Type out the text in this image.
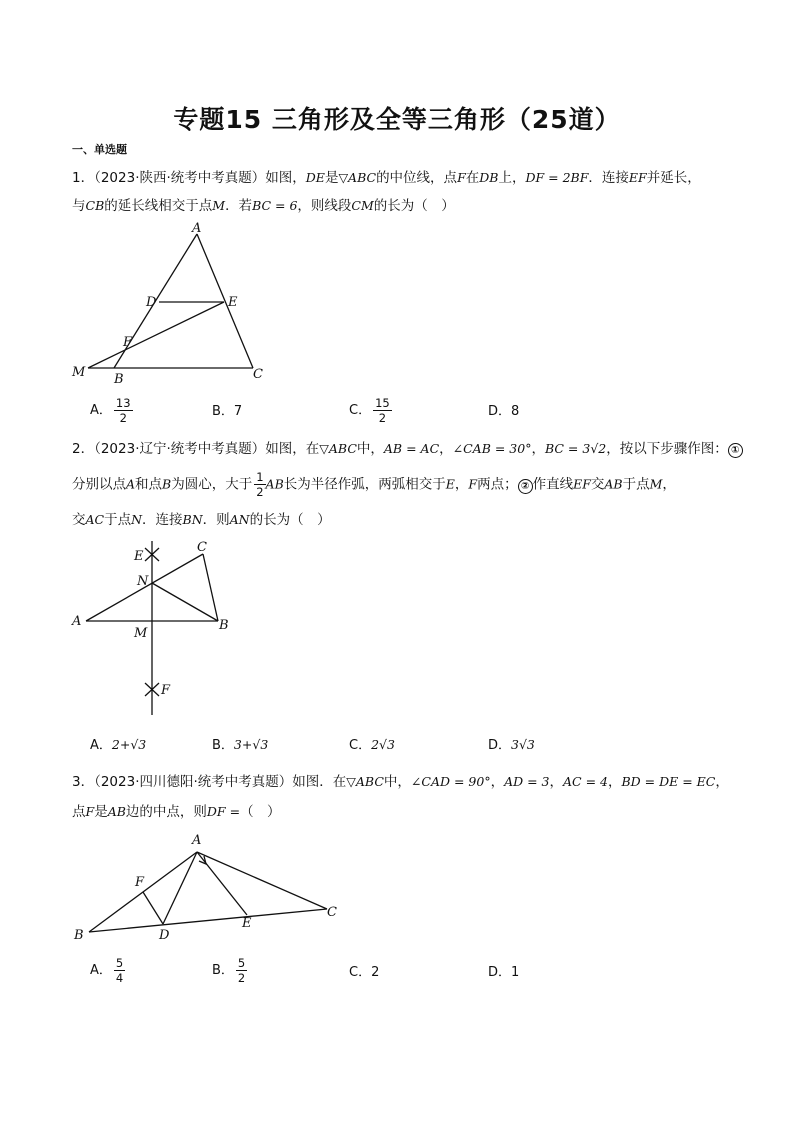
专题15 三角形及全等三角形（25道）
一、单选题
1．（2023·陕西·统考中考真题）如图，DE是▽ABC的中位线，点F在DB上，DF = 2BF．连接EF并延长，
与CB的延长线相交于点M．若BC = 6，则线段CM的长为（　）
A
D	E
F
M B	C
A． $\frac{13}{2}$	B．7	C． $\frac{15}{2}$	D．8
2．（2023·辽宁·统考中考真题）如图，在▽ABC中，AB = AC，∠CAB = 30°，BC = 3√2，按以下步骤作图： ①
分别以点A和点B为圆心，大于 $\frac{1}{2}$ AB长为半径作弧，两弧相交于E，F两点； ② 作直线EF交AB于点M，
交AC于点N．连接BN．则AN的长为（　）
E
C
N
A
M
B
F
A．2+√3	B．3+√3	C．2√3	D．3√3
3．（2023·四川德阳·统考中考真题）如图．在▽ABC中，∠CAD = 90°，AD = 3，AC = 4，BD = DE = EC，
点F是AB边的中点，则DF =（　）
A
F
B	D
E
C
A． $\frac{5}{4}$	B． $\frac{5}{2}$	C．2	D．1
